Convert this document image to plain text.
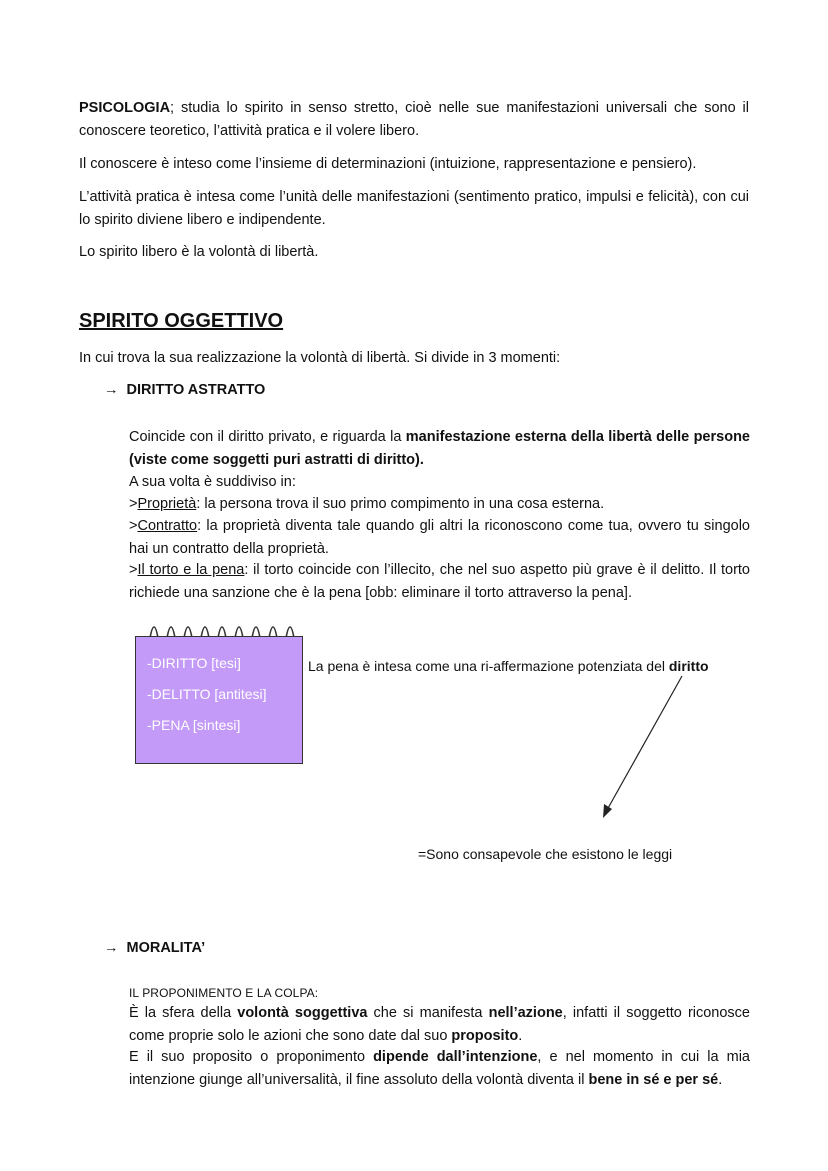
PSICOLOGIA; studia lo spirito in senso stretto, cioè nelle sue manifestazioni universali che sono il conoscere teoretico, l’attività pratica e il volere libero.
Il conoscere è inteso come l’insieme di determinazioni (intuizione, rappresentazione e pensiero).
L’attività pratica è intesa come l’unità delle manifestazioni (sentimento pratico, impulsi e felicità), con cui lo spirito diviene libero e indipendente.
Lo spirito libero è la volontà di libertà.
SPIRITO OGGETTIVO
In cui trova la sua realizzazione la volontà di libertà. Si divide in 3 momenti:
→ DIRITTO ASTRATTO
Coincide con il diritto privato, e riguarda la manifestazione esterna della libertà delle persone (viste come soggetti puri astratti di diritto).
A sua volta è suddiviso in:
>Proprietà: la persona trova il suo primo compimento in una cosa esterna.
>Contratto: la proprietà diventa tale quando gli altri la riconoscono come tua, ovvero tu singolo hai un contratto della proprietà.
>Il torto e la pena: il torto coincide con l’illecito, che nel suo aspetto più grave è il delitto. Il torto richiede una sanzione che è la pena [obb: eliminare il torto attraverso la pena].
-DIRITTO [tesi]
-DELITTO [antitesi]
-PENA [sintesi]
La pena è intesa come una ri-affermazione potenziata del diritto
=Sono consapevole che esistono le leggi
→ MORALITA’
IL PROPONIMENTO E LA COLPA:
È la sfera della volontà soggettiva che si manifesta nell’azione, infatti il soggetto riconosce come proprie solo le azioni che sono date dal suo proposito.
E il suo proposito o proponimento dipende dall’intenzione, e nel momento in cui la mia intenzione giunge all’universalità, il fine assoluto della volontà diventa il bene in sé e per sé.
